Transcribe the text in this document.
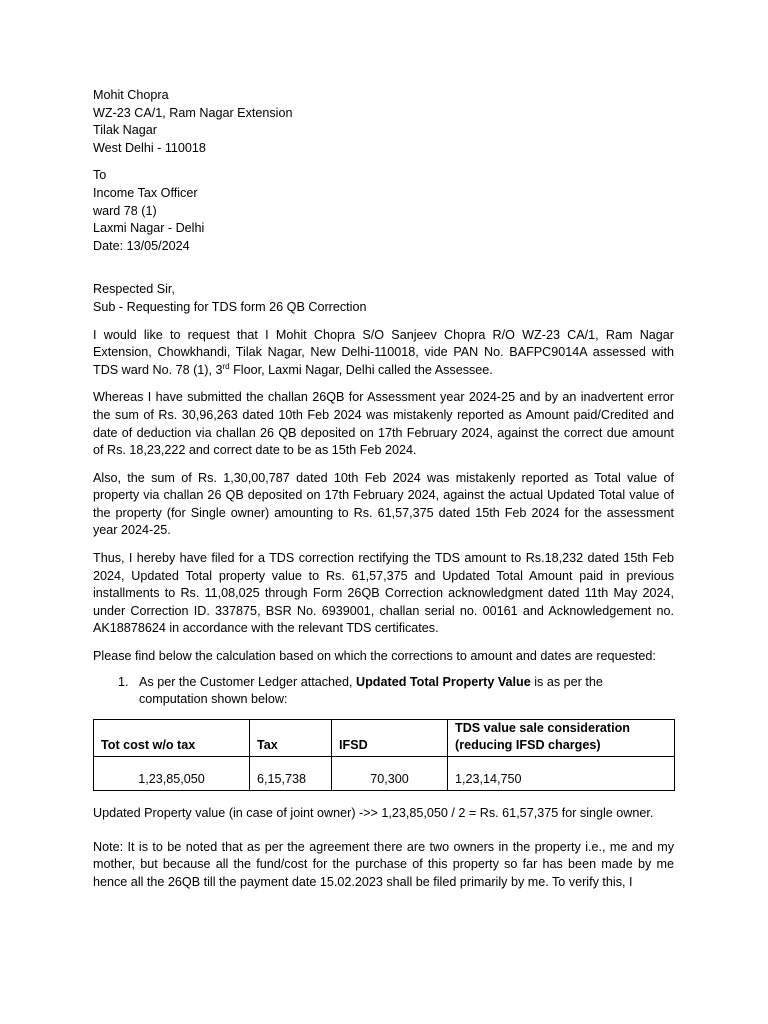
Mohit Chopra

WZ-23 CA/1, Ram Nagar Extension

Tilak Nagar

West Delhi - 110018

To

Income Tax Officer

ward 78 (1)

Laxmi Nagar - Delhi

Date: 13/05/2024

Respected Sir,

Sub - Requesting for TDS form 26 QB Correction

I would like to request that I Mohit Chopra S/O Sanjeev Chopra R/O WZ-23 CA/1, Ram Nagar Extension, Chowkhandi, Tilak Nagar, New Delhi-110018, vide PAN No. BAFPC9014A assessed with TDS ward No. 78 (1), 3rd Floor, Laxmi Nagar, Delhi called the Assessee.

Whereas I have submitted the challan 26QB for Assessment year 2024-25 and by an inadvertent error the sum of Rs. 30,96,263 dated 10th Feb 2024 was mistakenly reported as Amount paid/Credited and date of deduction via challan 26 QB deposited on 17th February 2024, against the correct due amount of Rs. 18,23,222 and correct date to be as 15th Feb 2024.

Also, the sum of Rs. 1,30,00,787 dated 10th Feb 2024 was mistakenly reported as Total value of property via challan 26 QB deposited on 17th February 2024, against the actual Updated Total value of the property (for Single owner) amounting to Rs. 61,57,375 dated 15th Feb 2024 for the assessment year 2024-25.

Thus, I hereby have filed for a TDS correction rectifying the TDS amount to Rs.18,232 dated 15th Feb 2024, Updated Total property value to Rs. 61,57,375 and Updated Total Amount paid in previous installments to Rs. 11,08,025 through Form 26QB Correction acknowledgment dated 11th May 2024, under Correction ID. 337875, BSR No. 6939001, challan serial no. 00161 and Acknowledgement no. AK18878624 in accordance with the relevant TDS certificates.

Please find below the calculation based on which the corrections to amount and dates are requested:

1. As per the Customer Ledger attached, Updated Total Property Value is as per the computation shown below:
Tot cost w/o tax	Tax	IFSD	TDS value sale consideration (reducing IFSD charges)
1,23,85,050	6,15,738	70,300	1,23,14,750

Updated Property value (in case of joint owner) ->> 1,23,85,050 / 2 = Rs. 61,57,375 for single owner.

Note: It is to be noted that as per the agreement there are two owners in the property i.e., me and my mother, but because all the fund/cost for the purchase of this property so far has been made by me hence all the 26QB till the payment date 15.02.2023 shall be filed primarily by me. To verify this, I
